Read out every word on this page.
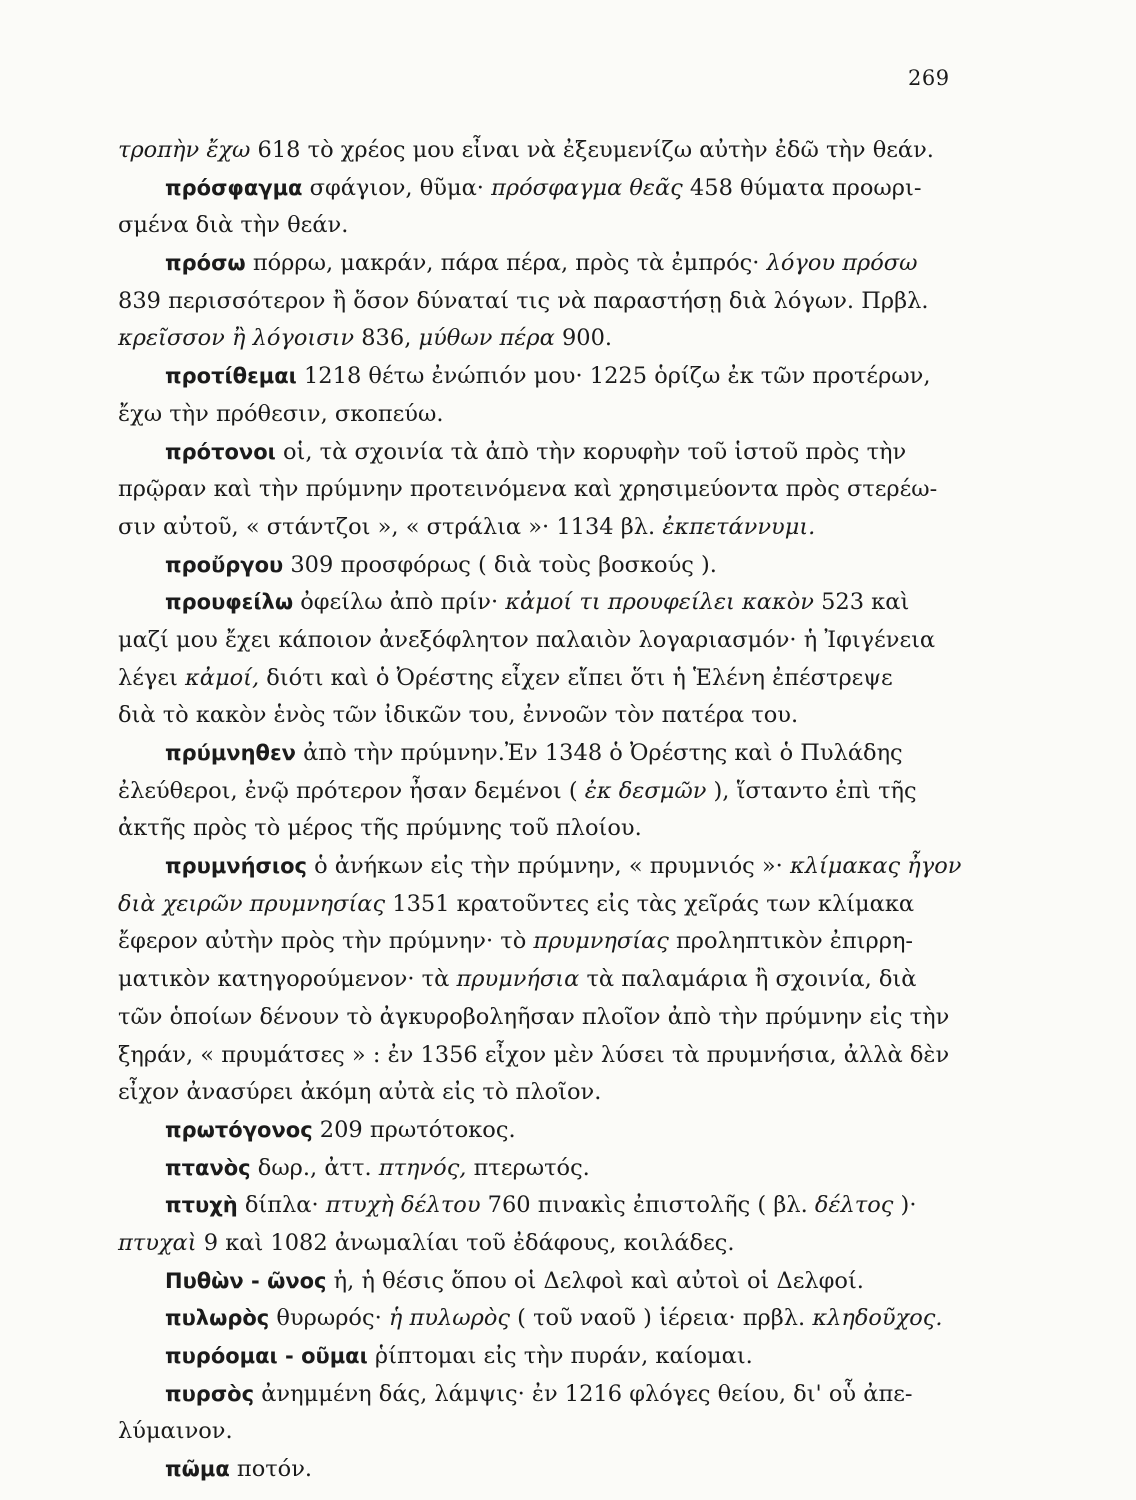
269
τροπὴν ἔχω 618 τὸ χρέος μου εἶναι νὰ ἐξευμενίζω αὐτὴν ἐδῶ τὴν θεάν.
πρόσφαγμα σφάγιον, θῦμα· πρόσφαγμα θεᾶς 458 θύματα προωρι-
σμένα διὰ τὴν θεάν.
πρόσω πόρρω, μακράν, πάρα πέρα, πρὸς τὰ ἐμπρός· λόγου πρόσω
839 περισσότερον ἢ ὅσον δύναταί τις νὰ παραστήσῃ διὰ λόγων. Πρβλ.
κρεῖσσον ἢ λόγοισιν 836, μύθων πέρα 900.
προτίθεμαι 1218 θέτω ἐνώπιόν μου· 1225 ὁρίζω ἐκ τῶν προτέρων,
ἔχω τὴν πρόθεσιν, σκοπεύω.
πρότονοι οἱ, τὰ σχοινία τὰ ἀπὸ τὴν κορυφὴν τοῦ ἱστοῦ πρὸς τὴν
πρῷραν καὶ τὴν πρύμνην προτεινόμενα καὶ χρησιμεύοντα πρὸς στερέω-
σιν αὐτοῦ, « στάντζοι », « στράλια »· 1134 βλ. ἐκπετάννυμι.
προὔργου 309 προσφόρως ( διὰ τοὺς βοσκούς ).
προυφείλω ὀφείλω ἀπὸ πρίν· κἀμοί τι προυφείλει κακὸν 523 καὶ
μαζί μου ἔχει κάποιον ἀνεξόφλητον παλαιὸν λογαριασμόν· ἡ Ἰφιγένεια
λέγει κἀμοί, διότι καὶ ὁ Ὀρέστης εἶχεν εἴπει ὅτι ἡ Ἑλένη ἐπέστρεψε
διὰ τὸ κακὸν ἑνὸς τῶν ἰδικῶν του, ἐννοῶν τὸν πατέρα του.
πρύμνηθεν ἀπὸ τὴν πρύμνην.Ἐν 1348 ὁ Ὀρέστης καὶ ὁ Πυλάδης
ἐλεύθεροι, ἐνῷ πρότερον ἦσαν δεμένοι ( ἐκ δεσμῶν ), ἵσταντο ἐπὶ τῆς
ἀκτῆς πρὸς τὸ μέρος τῆς πρύμνης τοῦ πλοίου.
πρυμνήσιος ὁ ἀνήκων εἰς τὴν πρύμνην, « πρυμνιός »· κλίμακας ἦγον
διὰ χειρῶν πρυμνησίας 1351 κρατοῦντες εἰς τὰς χεῖράς των κλίμακα
ἔφερον αὐτὴν πρὸς τὴν πρύμνην· τὸ πρυμνησίας προληπτικὸν ἐπιρρη-
ματικὸν κατηγορούμενον· τὰ πρυμνήσια τὰ παλαμάρια ἢ σχοινία, διὰ
τῶν ὁποίων δένουν τὸ ἀγκυροβοληῆσαν πλοῖον ἀπὸ τὴν πρύμνην εἰς τὴν
ξηράν, « πρυμάτσες » : ἐν 1356 εἶχον μὲν λύσει τὰ πρυμνήσια, ἀλλὰ δὲν
εἶχον ἀνασύρει ἀκόμη αὐτὰ εἰς τὸ πλοῖον.
πρωτόγονος 209 πρωτότοκος.
πτανὸς δωρ., ἀττ. πτηνός, πτερωτός.
πτυχὴ δίπλα· πτυχὴ δέλτου 760 πινακὶς ἐπιστολῆς ( βλ. δέλτος )·
πτυχαὶ 9 καὶ 1082 ἀνωμαλίαι τοῦ ἐδάφους, κοιλάδες.
Πυθὼν - ῶνος ἡ, ἡ θέσις ὅπου οἱ Δελφοὶ καὶ αὐτοὶ οἱ Δελφοί.
πυλωρὸς θυρωρός· ἡ πυλωρὸς ( τοῦ ναοῦ ) ἱέρεια· πρβλ. κληδοῦχος.
πυρόομαι - οῦμαι ῥίπτομαι εἰς τὴν πυράν, καίομαι.
πυρσὸς ἀνημμένη δάς, λάμψις· ἐν 1216 φλόγες θείου, δι' οὗ ἀπε-
λύμαινον.
πῶμα ποτόν.
